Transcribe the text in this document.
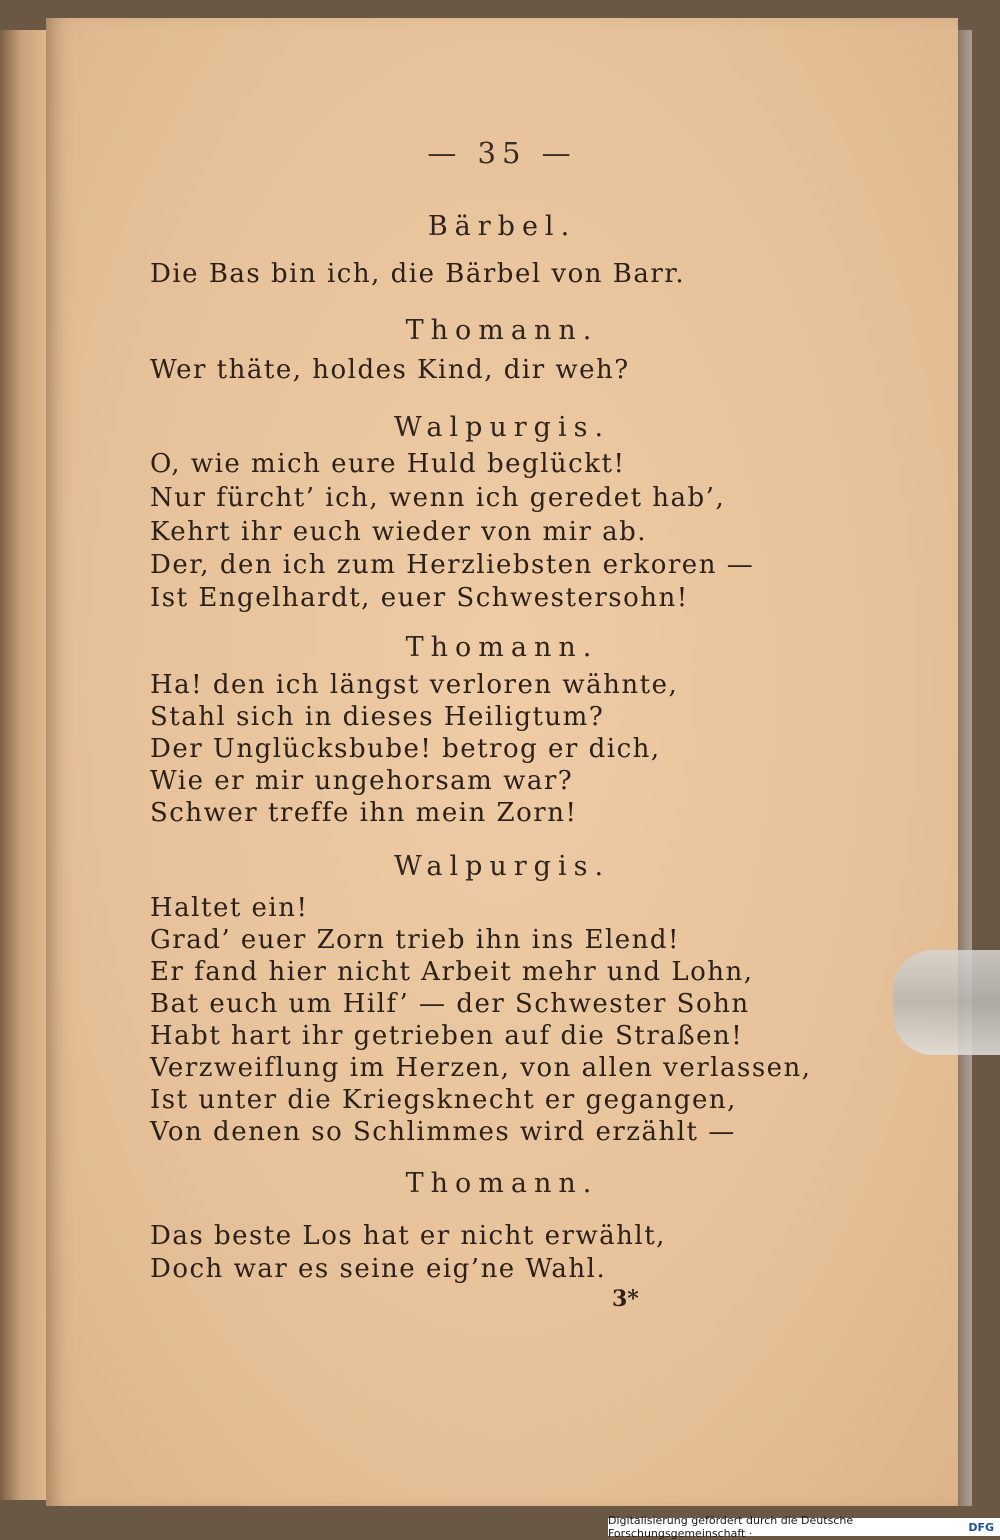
— 35 —
Bärbel.
Die Bas bin ich, die Bärbel von Barr.
Thomann.
Wer thäte, holdes Kind, dir weh?
Walpurgis.
O, wie mich eure Huld beglückt!
Nur fürcht’ ich, wenn ich geredet hab’,
Kehrt ihr euch wieder von mir ab.
Der, den ich zum Herzliebsten erkoren —
Ist Engelhardt, euer Schwestersohn!
Thomann.
Ha! den ich längst verloren wähnte,
Stahl sich in dieses Heiligtum?
Der Unglücksbube! betrog er dich,
Wie er mir ungehorsam war?
Schwer treffe ihn mein Zorn!
Walpurgis.
Haltet ein!
Grad’ euer Zorn trieb ihn ins Elend!
Er fand hier nicht Arbeit mehr und Lohn,
Bat euch um Hilf’ — der Schwester Sohn
Habt hart ihr getrieben auf die Straßen!
Verzweiflung im Herzen, von allen verlassen,
Ist unter die Kriegsknecht er gegangen,
Von denen so Schlimmes wird erzählt —
Thomann.
Das beste Los hat er nicht erwählt,
Doch war es seine eig’ne Wahl.
3*
Digitalisierung gefördert durch die Deutsche Forschungsgemeinschaft ·	DFG
